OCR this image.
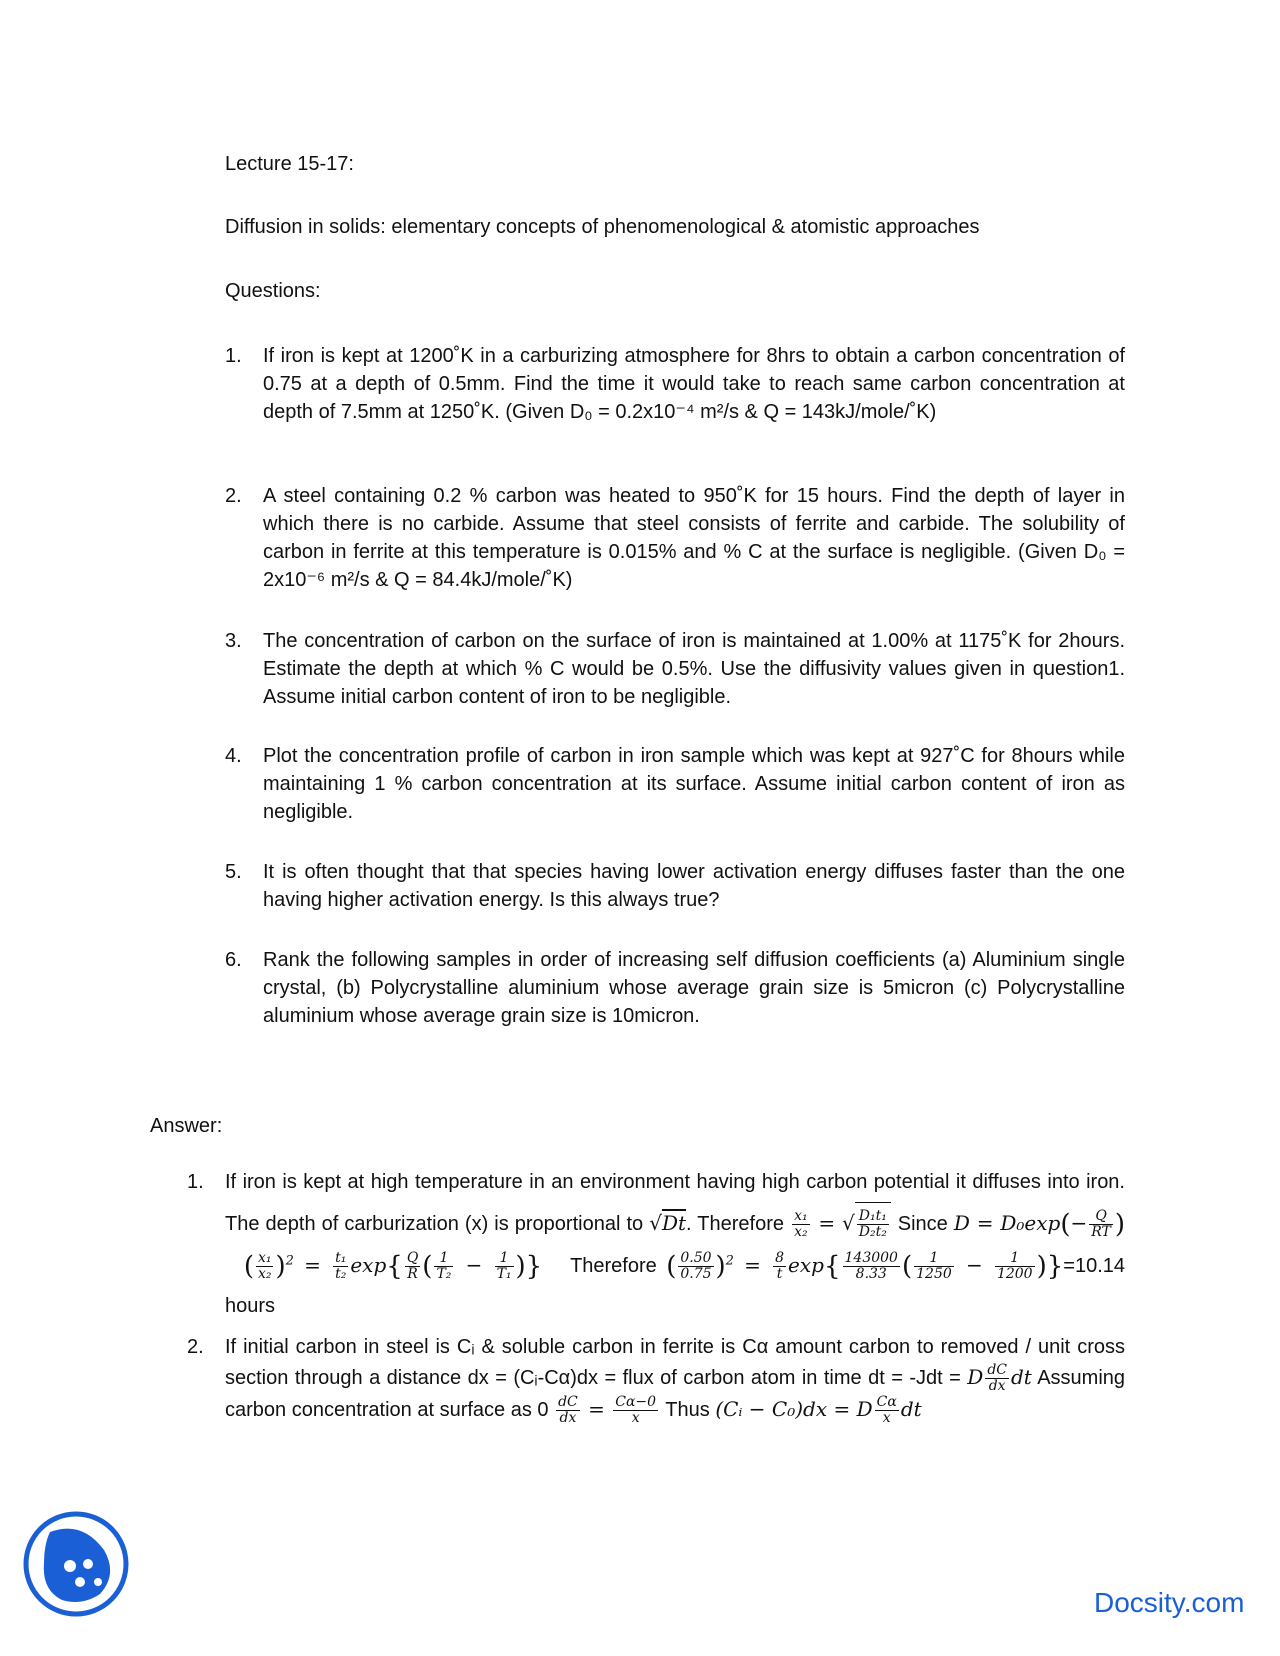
Lecture 15-17:
Diffusion in solids: elementary concepts of phenomenological & atomistic approaches
Questions:
1. If iron is kept at 1200˚K in a carburizing atmosphere for 8hrs to obtain a carbon concentration of 0.75 at a depth of 0.5mm. Find the time it would take to reach same carbon concentration at depth of 7.5mm at 1250˚K. (Given D₀ = 0.2x10⁻⁴ m²/s & Q = 143kJ/mole/˚K)
2. A steel containing 0.2 % carbon was heated to 950˚K for 15 hours. Find the depth of layer in which there is no carbide. Assume that steel consists of ferrite and carbide. The solubility of carbon in ferrite at this temperature is 0.015% and % C at the surface is negligible. (Given D₀ = 2x10⁻⁶ m²/s & Q = 84.4kJ/mole/˚K)
3. The concentration of carbon on the surface of iron is maintained at 1.00% at 1175˚K for 2hours. Estimate the depth at which % C would be 0.5%. Use the diffusivity values given in question1. Assume initial carbon content of iron to be negligible.
4. Plot the concentration profile of carbon in iron sample which was kept at 927˚C for 8hours while maintaining 1 % carbon concentration at its surface. Assume initial carbon content of iron as negligible.
5. It is often thought that that species having lower activation energy diffuses faster than the one having higher activation energy. Is this always true?
6. Rank the following samples in order of increasing self diffusion coefficients (a) Aluminium single crystal, (b) Polycrystalline aluminium whose average grain size is 5micron (c) Polycrystalline aluminium whose average grain size is 10micron.
Answer:
1. If iron is kept at high temperature in an environment having high carbon potential it diffuses into iron. The depth of carburization (x) is proportional to √Dt. Therefore $\frac{\text{x₁}}{\text{x₂}}$ = √ $\frac{\text{D₁t₁}}{\text{D₂t₂}}$ Since $D = D_0\exp(- \frac{Q}{RT}$ )   ( $\frac{\text{x₁}}{\text{x₂}} )^2 = \frac{\text{t₁}}{\text{t₂}} \exp\{ \frac{Q}{R}$ ( $\frac{1}{\text{T₂}} - \frac{1}{\text{T₁}}$ )} Therefore ( $\frac{0.50}{0.75} )^2 = \frac{8}{t} \exp\{ \frac{143000}{8.33}$ ( $\frac{1}{1250} - \frac{1}{1200} )\}=10.14$ hours
2. If initial carbon in steel is Cᵢ & soluble carbon in ferrite is Cα amount carbon to removed / unit cross section through a distance dx = (Cᵢ-Cα)dx = flux of carbon atom in time dt = -Jdt = D $\frac{dC}{dx}$ dt Assuming carbon concentration at surface as $0 \frac{dC}{dx} = \frac{C\alpha-0}{x}$ Thus (Cᵢ − C₀)dx = D $\frac{C\alpha}{x}$ dt
Docsity.com
